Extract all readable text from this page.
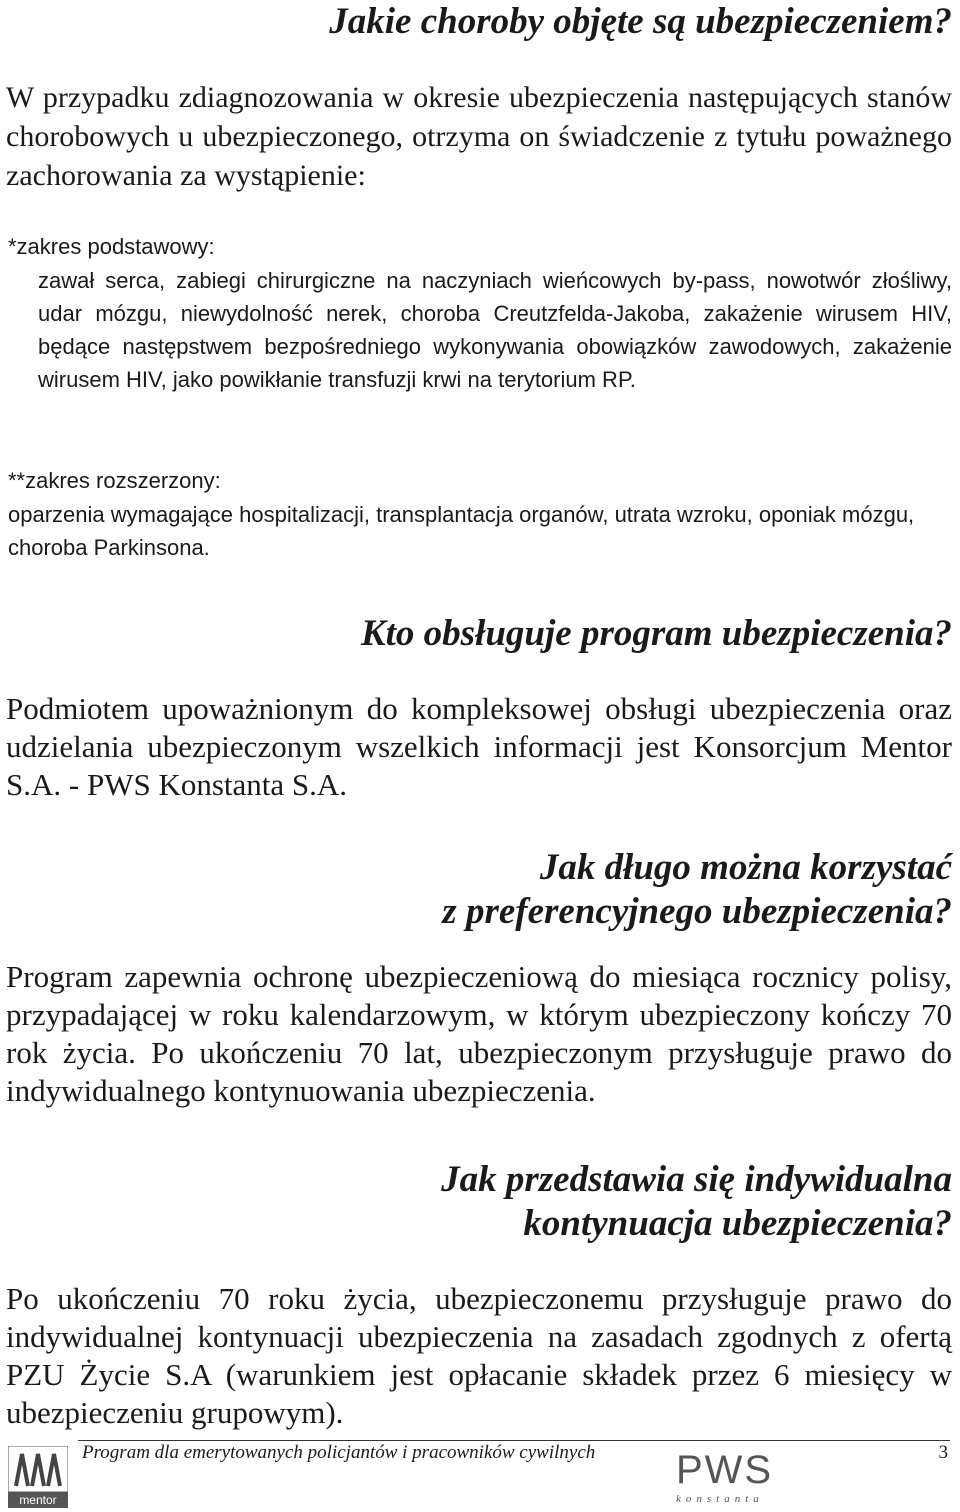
Jakie choroby objęte są ubezpieczeniem?

W przypadku zdiagnozowania w okresie ubezpieczenia następujących stanów chorobowych u ubezpieczonego, otrzyma on świadczenie z tytułu poważnego zachorowania za wystąpienie:

*zakres podstawowy:

zawał serca, zabiegi chirurgiczne na naczyniach wieńcowych by-pass, nowotwór złośliwy, udar mózgu, niewydolność nerek, choroba Creutzfelda-Jakoba, zakażenie wirusem HIV, będące następstwem bezpośredniego wykonywania obowiązków zawodowych, zakażenie wirusem HIV, jako powikłanie transfuzji krwi na terytorium RP.

**zakres rozszerzony:

oparzenia wymagające hospitalizacji, transplantacja organów, utrata wzroku, oponiak mózgu, choroba Parkinsona.

Kto obsługuje program ubezpieczenia?

Podmiotem upoważnionym do kompleksowej obsługi ubezpieczenia oraz udzielania ubezpieczonym wszelkich informacji jest Konsorcjum Mentor S.A. - PWS Konstanta S.A.

Jak długo można korzystać
z preferencyjnego ubezpieczenia?

Program zapewnia ochronę ubezpieczeniową do miesiąca rocznicy polisy, przypadającej w roku kalendarzowym, w którym ubezpieczony kończy 70 rok życia. Po ukończeniu 70 lat, ubezpieczonym przysługuje prawo do indywidualnego kontynuowania ubezpieczenia.

Jak przedstawia się indywidualna
kontynuacja ubezpieczenia?

Po ukończeniu 70 roku życia, ubezpieczonemu przysługuje prawo do indywidualnej kontynuacji ubezpieczenia na zasadach zgodnych z ofertą PZU Życie S.A (warunkiem jest opłacanie składek przez 6 miesięcy w ubezpieczeniu grupowym).

mentor
Program dla emerytowanych policjantów i pracowników cywilnych	3
PWS
konstanta
